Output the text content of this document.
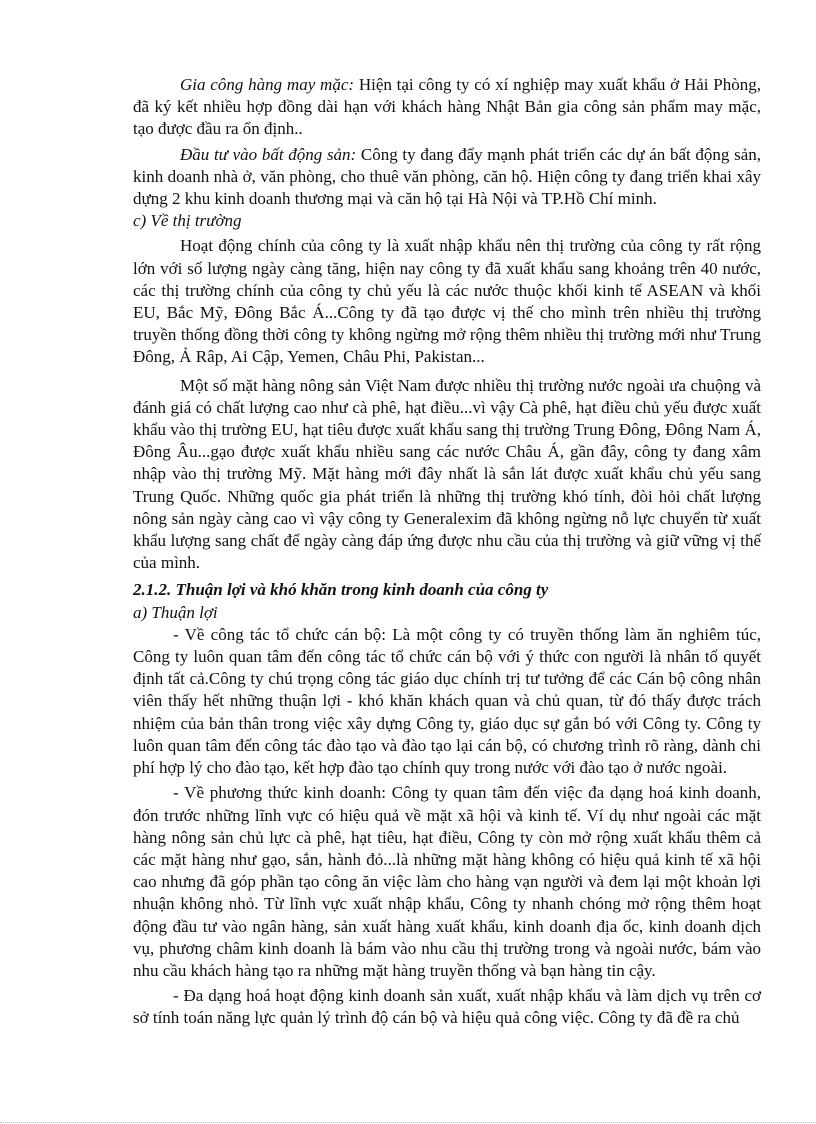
Gia công hàng may mặc: Hiện tại công ty có xí nghiệp may xuất khẩu ở Hải Phòng, đã ký kết nhiều hợp đồng dài hạn với khách hàng Nhật Bản gia công sản phẩm may mặc, tạo được đầu ra ổn định..

Đầu tư vào bất động sản: Công ty đang đẩy mạnh phát triển các dự án bất động sản, kinh doanh nhà ở, văn phòng, cho thuê văn phòng, căn hộ. Hiện công ty đang triển khai xây dựng 2 khu kinh doanh thương mại và căn hộ tại Hà Nội và TP.Hồ Chí minh.

c) Về thị trường

Hoạt động chính của công ty là xuất nhập khẩu nên thị trường của công ty rất rộng lớn với số lượng ngày càng tăng, hiện nay công ty đã xuất khẩu sang khoảng trên 40 nước, các thị trường chính của công ty chủ yếu là các nước thuộc khối kinh tế ASEAN và khối EU, Bắc Mỹ, Đông Bắc Á...Công ty đã tạo được vị thế cho mình trên nhiều thị trường truyền thống đồng thời công ty không ngừng mở rộng thêm nhiều thị trường mới như Trung Đông, Ả Râp, Ai Cập, Yemen, Châu Phi, Pakistan...

Một số mặt hàng nông sản Việt Nam được nhiều thị trường nước ngoài ưa chuộng và đánh giá có chất lượng cao như cà phê, hạt điều...vì vậy Cà phê, hạt điều chủ yếu được xuất khẩu vào thị trường EU, hạt tiêu được xuất khẩu sang thị trường Trung Đông, Đông Nam Á, Đông Âu...gạo được xuất khẩu nhiều sang các nước Châu Á, gần đây, công ty đang xâm nhập vào thị trường Mỹ. Mặt hàng mới đây nhất là sắn lát được xuất khẩu chủ yếu sang Trung Quốc. Những quốc gia phát triển là những thị trường khó tính, đòi hỏi chất lượng nông sản ngày càng cao vì vậy công ty Generalexim đã không ngừng nỗ lực chuyển từ xuất khẩu lượng sang chất để ngày càng đáp ứng được nhu cầu của thị trường và giữ vững vị thế của mình.

2.1.2. Thuận lợi và khó khăn trong kinh doanh của công ty

a) Thuận lợi

- Về công tác tổ chức cán bộ: Là một công ty có truyền thống làm ăn nghiêm túc, Công ty luôn quan tâm đến công tác tổ chức cán bộ với ý thức con người là nhân tố quyết định tất cả.Công ty chú trọng công tác giáo dục chính trị tư tưởng để các Cán bộ công nhân viên thấy hết những thuận lợi - khó khăn khách quan và chủ quan, từ đó thấy được trách nhiệm của bản thân trong việc xây dựng Công ty, giáo dục sự gắn bó với Công ty. Công ty luôn quan tâm đến công tác đào tạo và đào tạo lại cán bộ, có chương trình rõ ràng, dành chi phí hợp lý cho đào tạo, kết hợp đào tạo chính quy trong nước với đào tạo ở nước ngoài.

- Về phương thức kinh doanh: Công ty quan tâm đến việc đa dạng hoá kinh doanh, đón trước những lĩnh vực có hiệu quả về mặt xã hội và kinh tế. Ví dụ như ngoài các mặt hàng nông sản chủ lực cà phê, hạt tiêu, hạt điều, Công ty còn mở rộng xuất khẩu thêm cả các mặt hàng như gạo, sắn, hành đỏ...là những mặt hàng không có hiệu quả kinh tế xã hội cao nhưng đã góp phần tạo công ăn việc làm cho hàng vạn người và đem lại một khoản lợi nhuận không nhỏ. Từ lĩnh vực xuất nhập khẩu, Công ty nhanh chóng mở rộng thêm hoạt động đầu tư vào ngân hàng, sản xuất hàng xuất khẩu, kinh doanh địa ốc, kinh doanh dịch vụ, phương châm kinh doanh là bám vào nhu cầu thị trường trong và ngoài nước, bám vào nhu cầu khách hàng tạo ra những mặt hàng truyền thống và bạn hàng tin cậy.

- Đa dạng hoá hoạt động kinh doanh sản xuất, xuất nhập khẩu và làm dịch vụ trên cơ sở tính toán năng lực quản lý trình độ cán bộ và hiệu quả công việc. Công ty đã đề ra chủ
